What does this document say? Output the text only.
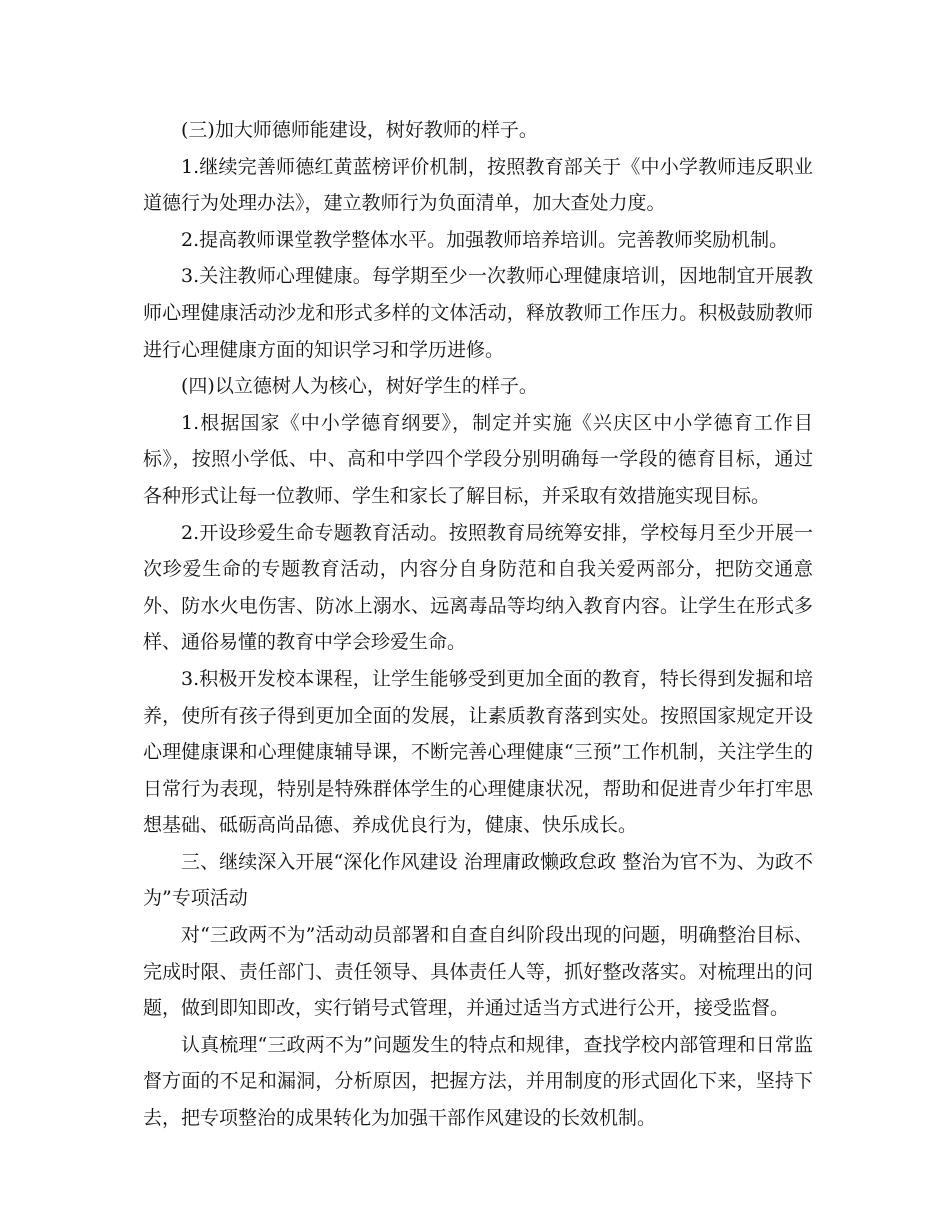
(三)加大师德师能建设，树好教师的样子。

1.继续完善师德红黄蓝榜评价机制，按照教育部关于《中小学教师违反职业道德行为处理办法》，建立教师行为负面清单，加大查处力度。

2.提高教师课堂教学整体水平。加强教师培养培训。完善教师奖励机制。

3.关注教师心理健康。每学期至少一次教师心理健康培训，因地制宜开展教师心理健康活动沙龙和形式多样的文体活动，释放教师工作压力。积极鼓励教师进行心理健康方面的知识学习和学历进修。

(四)以立德树人为核心，树好学生的样子。

1.根据国家《中小学德育纲要》，制定并实施《兴庆区中小学德育工作目标》，按照小学低、中、高和中学四个学段分别明确每一学段的德育目标，通过各种形式让每一位教师、学生和家长了解目标，并采取有效措施实现目标。

2.开设珍爱生命专题教育活动。按照教育局统筹安排，学校每月至少开展一次珍爱生命的专题教育活动，内容分自身防范和自我关爱两部分，把防交通意外、防水火电伤害、防冰上溺水、远离毒品等均纳入教育内容。让学生在形式多样、通俗易懂的教育中学会珍爱生命。

3.积极开发校本课程，让学生能够受到更加全面的教育，特长得到发掘和培养，使所有孩子得到更加全面的发展，让素质教育落到实处。按照国家规定开设心理健康课和心理健康辅导课，不断完善心理健康“三预”工作机制，关注学生的日常行为表现，特别是特殊群体学生的心理健康状况，帮助和促进青少年打牢思想基础、砥砺高尚品德、养成优良行为，健康、快乐成长。

三、继续深入开展“深化作风建设 治理庸政懒政怠政 整治为官不为、为政不为”专项活动

对“三政两不为”活动动员部署和自查自纠阶段出现的问题，明确整治目标、完成时限、责任部门、责任领导、具体责任人等，抓好整改落实。对梳理出的问题，做到即知即改，实行销号式管理，并通过适当方式进行公开，接受监督。

认真梳理“三政两不为”问题发生的特点和规律，查找学校内部管理和日常监督方面的不足和漏洞，分析原因，把握方法，并用制度的形式固化下来，坚持下去，把专项整治的成果转化为加强干部作风建设的长效机制。
